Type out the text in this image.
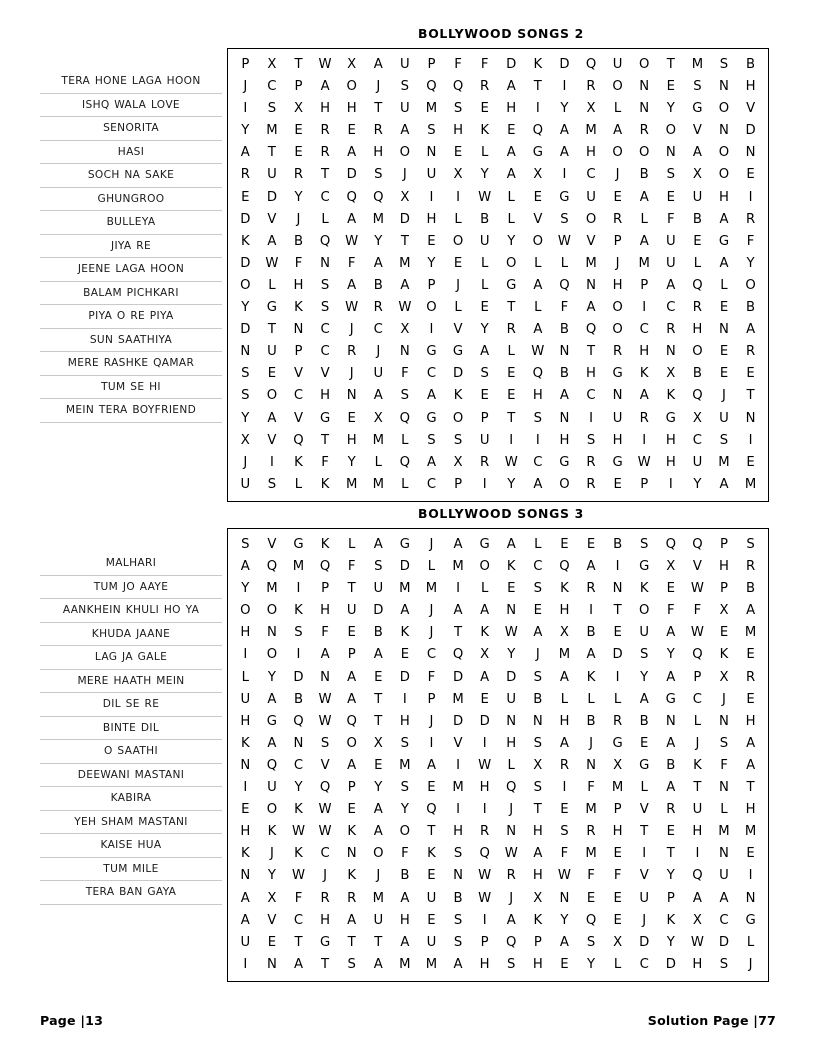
TERA HONE LAGA HOON
ISHQ WALA LOVE
SENORITA
HASI
SOCH NA SAKE
GHUNGROO
BULLEYA
JIYA RE
JEENE LAGA HOON
BALAM PICHKARI
PIYA O RE PIYA
SUN SAATHIYA
MERE RASHKE QAMAR
TUM SE HI
MEIN TERA BOYFRIEND
BOLLYWOOD SONGS 2
P	X	T	W	X	A	U	P	F	F	D	K	D	Q	U	O	T	M	S	B
J	C	P	A	O	J	S	Q	Q	R	A	T	I	R	O	N	E	S	N	H
I	S	X	H	H	T	U	M	S	E	H	I	Y	X	L	N	Y	G	O	V
Y	M	E	R	E	R	A	S	H	K	E	Q	A	M	A	R	O	V	N	D
A	T	E	R	A	H	O	N	E	L	A	G	A	H	O	O	N	A	O	N
R	U	R	T	D	S	J	U	X	Y	A	X	I	C	J	B	S	X	O	E
E	D	Y	C	Q	Q	X	I	I	W	L	E	G	U	E	A	E	U	H	I
D	V	J	L	A	M	D	H	L	B	L	V	S	O	R	L	F	B	A	R
K	A	B	Q	W	Y	T	E	O	U	Y	O	W	V	P	A	U	E	G	F
D	W	F	N	F	A	M	Y	E	L	O	L	L	M	J	M	U	L	A	Y
O	L	H	S	A	B	A	P	J	L	G	A	Q	N	H	P	A	Q	L	O
Y	G	K	S	W	R	W	O	L	E	T	L	F	A	O	I	C	R	E	B
D	T	N	C	J	C	X	I	V	Y	R	A	B	Q	O	C	R	H	N	A
N	U	P	C	R	J	N	G	G	A	L	W	N	T	R	H	N	O	E	R
S	E	V	V	J	U	F	C	D	S	E	Q	B	H	G	K	X	B	E	E
S	O	C	H	N	A	S	A	K	E	E	H	A	C	N	A	K	Q	J	T
Y	A	V	G	E	X	Q	G	O	P	T	S	N	I	U	R	G	X	U	N
X	V	Q	T	H	M	L	S	S	U	I	I	H	S	H	I	H	C	S	I
J	I	K	F	Y	L	Q	A	X	R	W	C	G	R	G	W	H	U	M	E
U	S	L	K	M	M	L	C	P	I	Y	A	O	R	E	P	I	Y	A	M
MALHARI
TUM JO AAYE
AANKHEIN KHULI HO YA
KHUDA JAANE
LAG JA GALE
MERE HAATH MEIN
DIL SE RE
BINTE DIL
O SAATHI
DEEWANI MASTANI
KABIRA
YEH SHAM MASTANI
KAISE HUA
TUM MILE
TERA BAN GAYA
BOLLYWOOD SONGS 3
S	V	G	K	L	A	G	J	A	G	A	L	E	E	B	S	Q	Q	P	S
A	Q	M	Q	F	S	D	L	M	O	K	C	Q	A	I	G	X	V	H	R
Y	M	I	P	T	U	M	M	I	L	E	S	K	R	N	K	E	W	P	B
O	O	K	H	U	D	A	J	A	A	N	E	H	I	T	O	F	F	X	A
H	N	S	F	E	B	K	J	T	K	W	A	X	B	E	U	A	W	E	M
I	O	I	A	P	A	E	C	Q	X	Y	J	M	A	D	S	Y	Q	K	E
L	Y	D	N	A	E	D	F	D	A	D	S	A	K	I	Y	A	P	X	R
U	A	B	W	A	T	I	P	M	E	U	B	L	L	L	A	G	C	J	E
H	G	Q	W	Q	T	H	J	D	D	N	N	H	B	R	B	N	L	N	H
K	A	N	S	O	X	S	I	V	I	H	S	A	J	G	E	A	J	S	A
N	Q	C	V	A	E	M	A	I	W	L	X	R	N	X	G	B	K	F	A
I	U	Y	Q	P	Y	S	E	M	H	Q	S	I	F	M	L	A	T	N	T
E	O	K	W	E	A	Y	Q	I	I	J	T	E	M	P	V	R	U	L	H
H	K	W	W	K	A	O	T	H	R	N	H	S	R	H	T	E	H	M	M
K	J	K	C	N	O	F	K	S	Q	W	A	F	M	E	I	T	I	N	E
N	Y	W	J	K	J	B	E	N	W	R	H	W	F	F	V	Y	Q	U	I
A	X	F	R	R	M	A	U	B	W	J	X	N	E	E	U	P	A	A	N
A	V	C	H	A	U	H	E	S	I	A	K	Y	Q	E	J	K	X	C	G
U	E	T	G	T	T	A	U	S	P	Q	P	A	S	X	D	Y	W	D	L
I	N	A	T	S	A	M	M	A	H	S	H	E	Y	L	C	D	H	S	J
Page |13	Solution Page |77
